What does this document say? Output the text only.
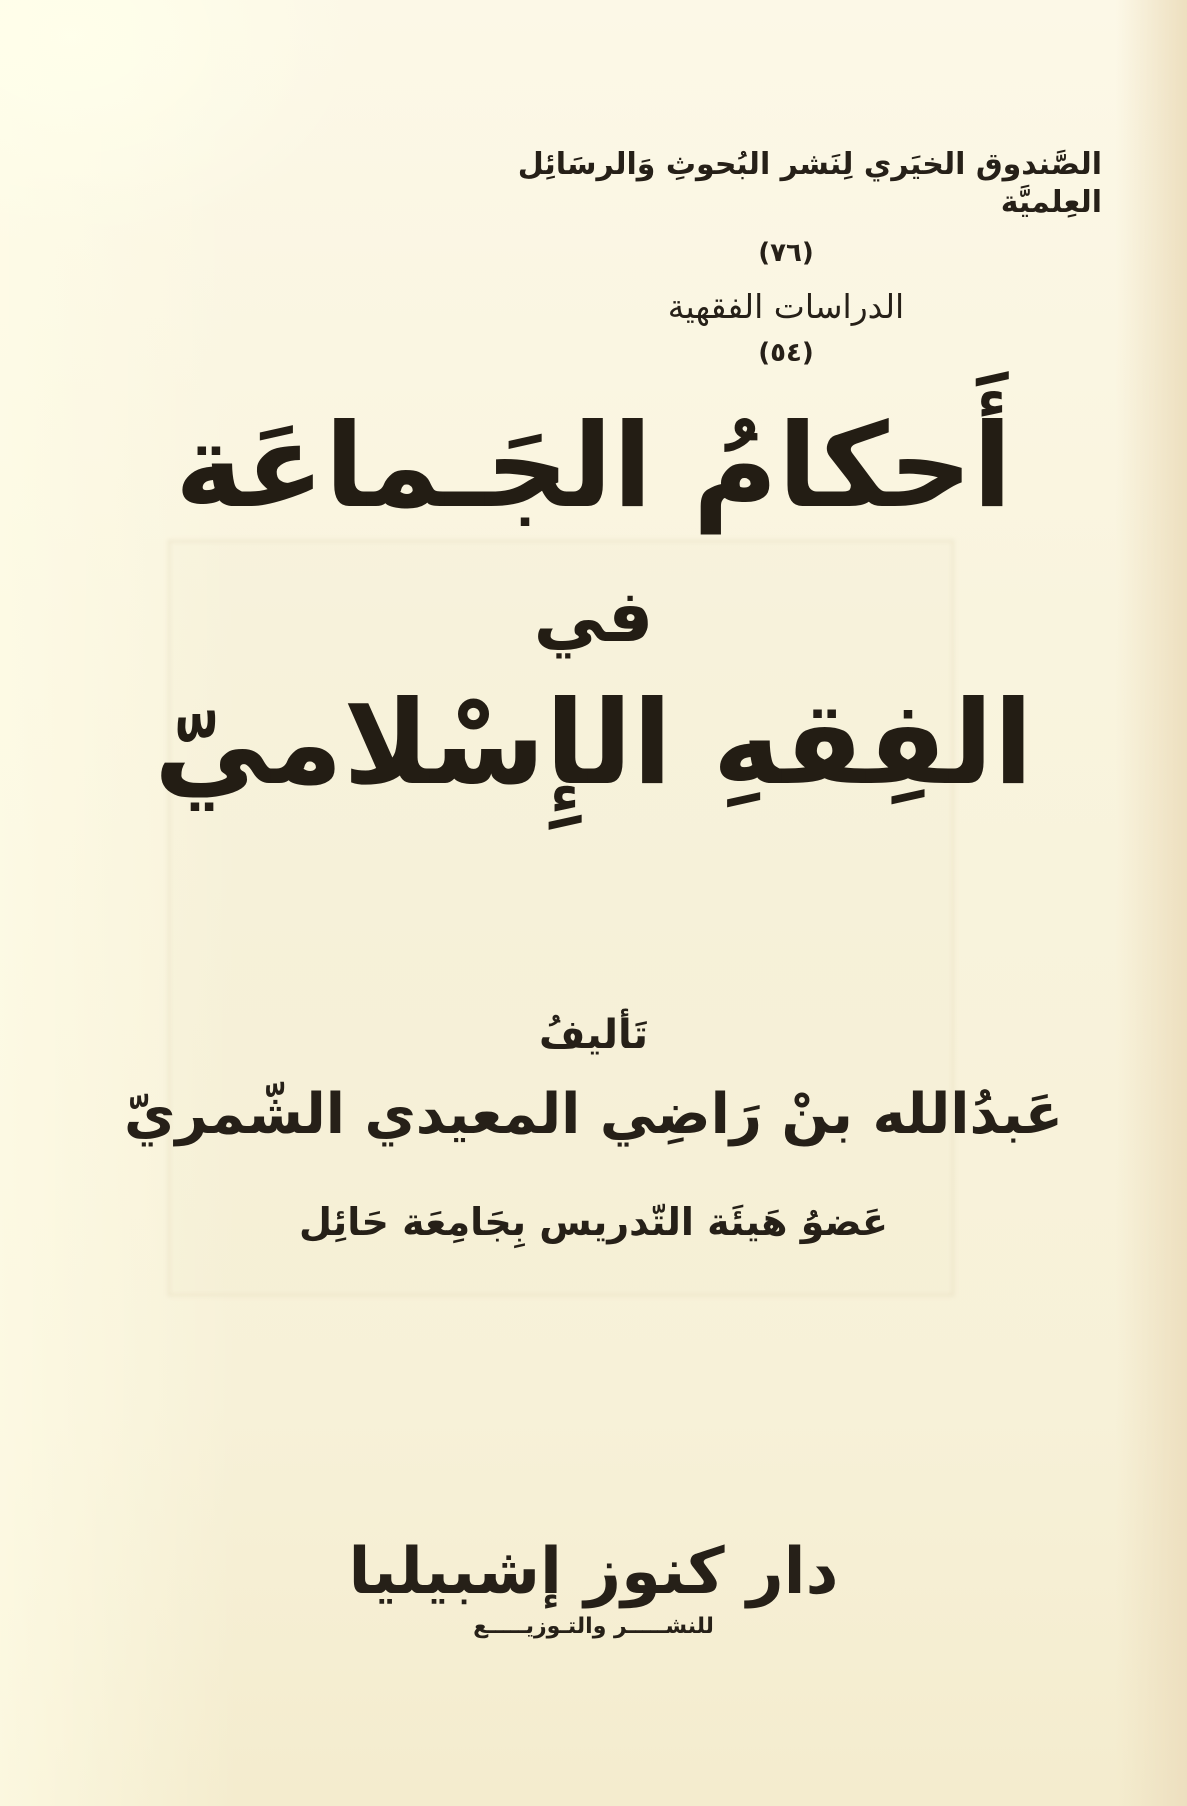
الصَّندوق الخيَري لِنَشر البُحوثِ وَالرسَائِل العِلميَّة
(٧٦)
الدراسات الفقهية
(٥٤)
أَحكامُ الجَـماعَة
في
الفِقهِ الإِسْلاميّ
تَأليفُ
عَبدُالله بنْ رَاضِي المعيدي الشّمريّ
عَضوُ هَيئَة التّدريس بِجَامِعَة حَائِل
دار كنوز إشبيليا
للنشـــــر والتـوزيـــــع
